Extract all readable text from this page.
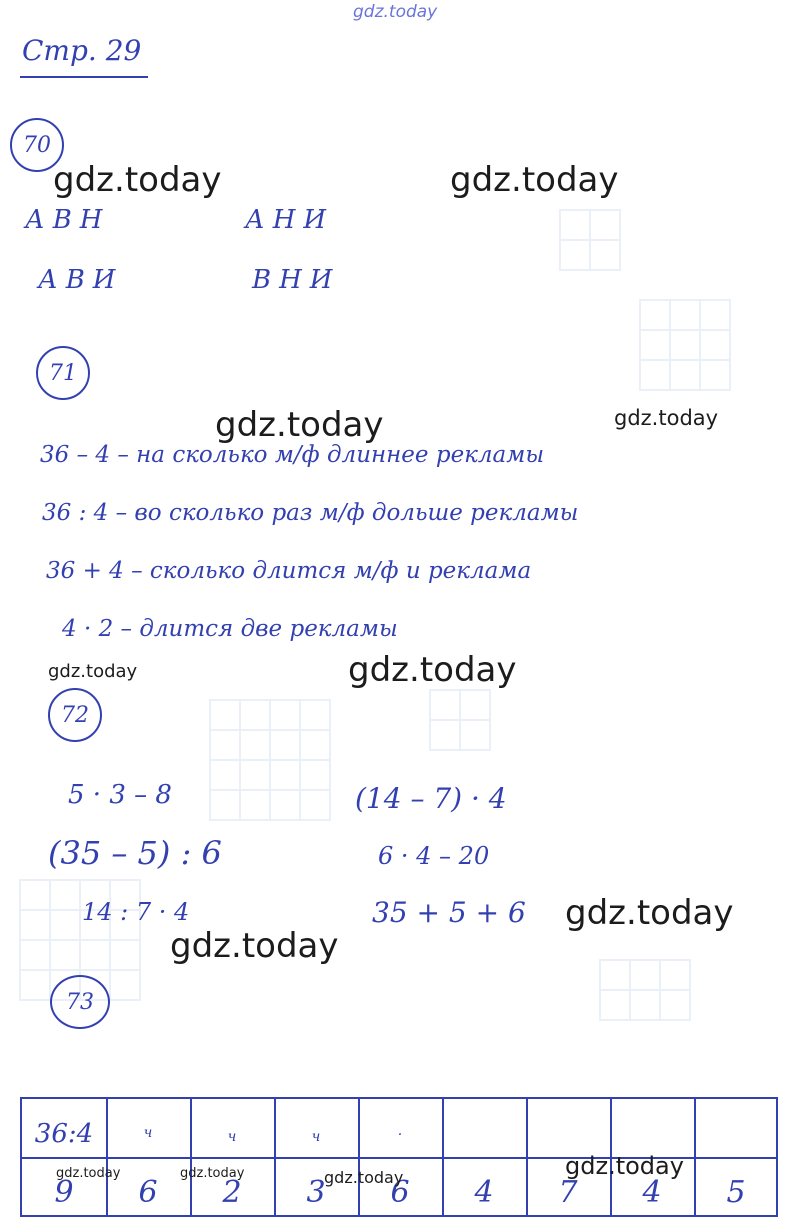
gdz.today
Стр. 29
70
gdz.today	gdz.today
АВН	АНИ
АВИ	ВНИ
71
gdz.today	gdz.today
36 – 4 – на сколько м/ф длиннее рекламы
36 : 4 – во сколько раз м/ф дольше рекламы
36 + 4 – сколько длится м/ф и реклама
4 · 2 – длится две рекламы
gdz.today	gdz.today
72
5 · 3 – 8	(14 – 7) · 4
(35 – 5) : 6	6 · 4 – 20
14 : 7 · 4	35 + 5 + 6 gdz.today
gdz.today
73
36:4	ч	ч	ч	·
9	6	2	3	6	4	7	4	5
gdz.today	gdz.today	gdz.today	gdz.today
